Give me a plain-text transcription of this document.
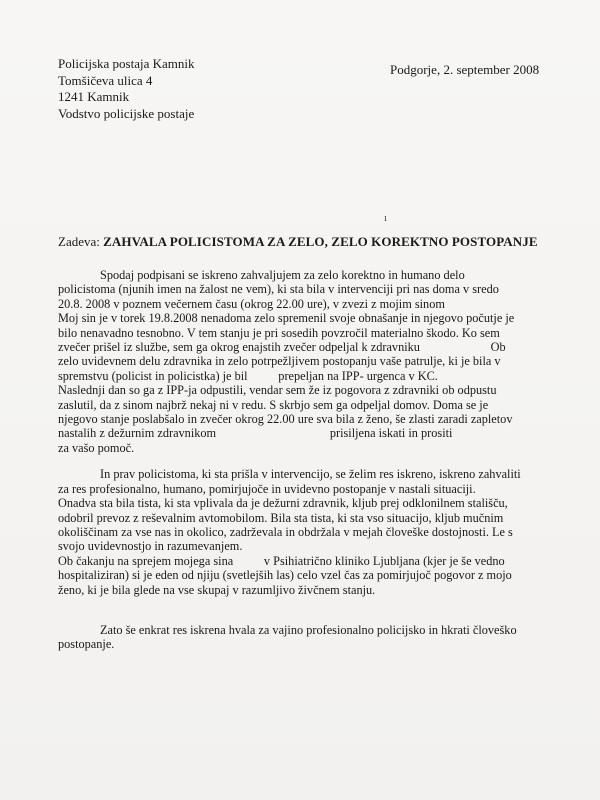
Policijska postaja Kamnik
Tomšičeva ulica 4
1241 Kamnik
Vodstvo policijske postaje
Podgorje, 2. september 2008
ı
Zadeva: ZAHVALA POLICISTOMA ZA ZELO, ZELO KOREKTNO POSTOPANJE
Spodaj podpisani se iskreno zahvaljujem za zelo korektno in humano delo
policistoma (njunih imen na žalost ne vem), ki sta bila v intervenciji pri nas doma v sredo
20.8. 2008 v poznem večernem času (okrog 22.00 ure), v zvezi z mojim sinom
Moj sin je v torek 19.8.2008 nenadoma zelo spremenil svoje obnašanje in njegovo počutje je
bilo nenavadno tesnobno. V tem stanju je pri sosedih povzročil materialno škodo. Ko sem
zvečer prišel iz službe, sem ga okrog enajstih zvečer odpeljal k zdravniku                       Ob
zelo uvidevnem delu zdravnika in zelo potrpežljivem postopanju vaše patrulje, ki je bila v
spremstvu (policist in policistka) je bil          prepeljan na IPP- urgenca v KC.
Naslednji dan so ga z IPP-ja odpustili, vendar sem že iz pogovora z zdravniki ob odpustu
zaslutil, da z sinom najbrž nekaj ni v redu. S skrbjo sem ga odpeljal domov. Doma se je
njegovo stanje poslabšalo in zvečer okrog 22.00 ure sva bila z ženo, še zlasti zaradi zapletov
nastalih z dežurnim zdravnikom                                     prisiljena iskati in prositi
za vašo pomoč.
In prav policistoma, ki sta prišla v intervencijo, se želim res iskreno, iskreno zahvaliti
za res profesionalno, humano, pomirjujoče in uvidevno postopanje v nastali situaciji.
Onadva sta bila tista, ki sta vplivala da je dežurni zdravnik, kljub prej odklonilnem stališču,
odobril prevoz z reševalnim avtomobilom. Bila sta tista, ki sta vso situacijo, kljub mučnim
okoliščinam za vse nas in okolico, zadrževala in obdržala v mejah človeške dostojnosti. Le s
svojo uvidevnostjo in razumevanjem.
Ob čakanju na sprejem mojega sina          v Psihiatrično kliniko Ljubljana (kjer je še vedno
hospitaliziran) si je eden od njiju (svetlejših las) celo vzel čas za pomirjujoč pogovor z mojo
ženo, ki je bila glede na vse skupaj v razumljivo živčnem stanju.
Zato še enkrat res iskrena hvala za vajino profesionalno policijsko in hkrati človeško
postopanje.
